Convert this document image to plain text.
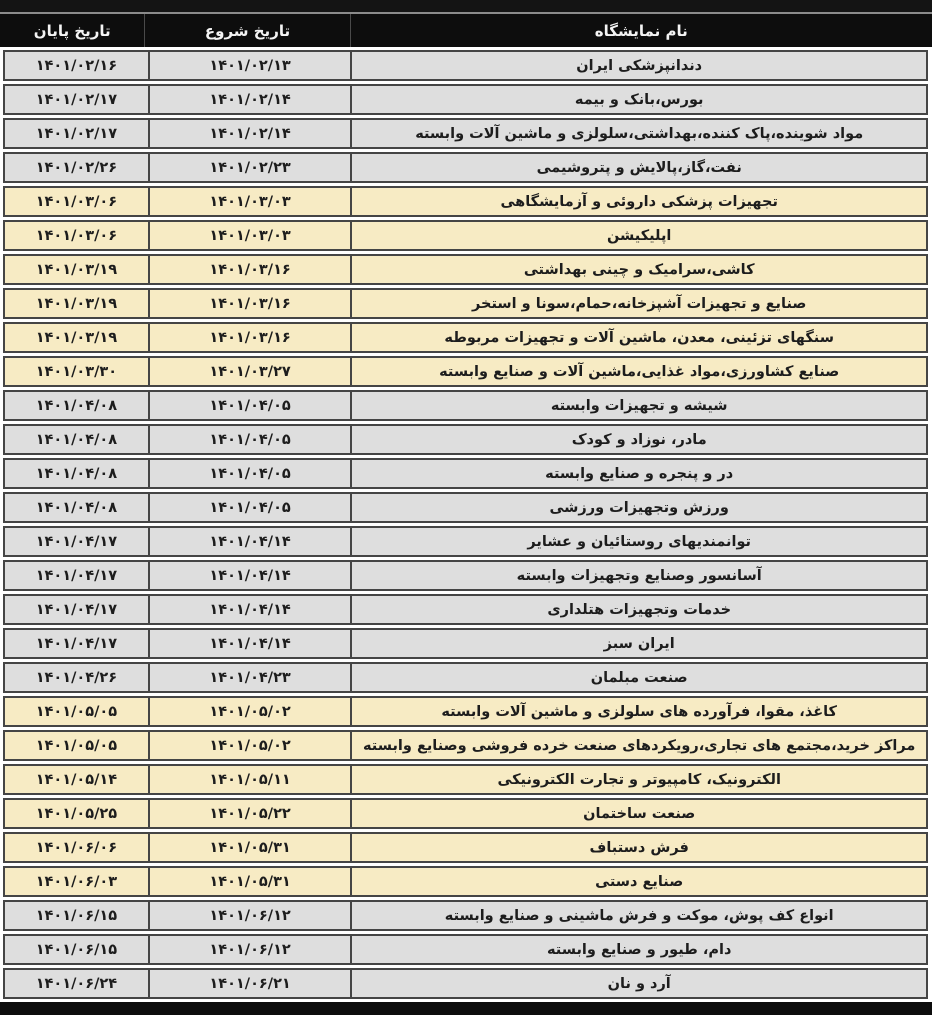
نام نمایشگاه
تاریخ شروع
تاریخ پایان
دندانپزشکی ایران
۱۴۰۱/۰۲/۱۳
۱۴۰۱/۰۲/۱۶
بورس،بانک و بیمه
۱۴۰۱/۰۲/۱۴
۱۴۰۱/۰۲/۱۷
مواد شوینده،پاک کننده،بهداشتی،سلولزی و ماشین آلات وابسته
۱۴۰۱/۰۲/۱۴
۱۴۰۱/۰۲/۱۷
نفت،گاز،پالایش و پتروشیمی
۱۴۰۱/۰۲/۲۳
۱۴۰۱/۰۲/۲۶
تجهیزات پزشکی داروئی و آزمایشگاهی
۱۴۰۱/۰۳/۰۳
۱۴۰۱/۰۳/۰۶
اپلیکیشن
۱۴۰۱/۰۳/۰۳
۱۴۰۱/۰۳/۰۶
کاشی،سرامیک و چینی بهداشتی
۱۴۰۱/۰۳/۱۶
۱۴۰۱/۰۳/۱۹
صنایع و تجهیزات آشپزخانه،حمام،سونا و استخر
۱۴۰۱/۰۳/۱۶
۱۴۰۱/۰۳/۱۹
سنگهای تزئینی، معدن، ماشین آلات و تجهیزات مربوطه
۱۴۰۱/۰۳/۱۶
۱۴۰۱/۰۳/۱۹
صنایع کشاورزی،مواد غذایی،ماشین آلات و صنایع وابسته
۱۴۰۱/۰۳/۲۷
۱۴۰۱/۰۳/۳۰
شیشه و تجهیزات وابسته
۱۴۰۱/۰۴/۰۵
۱۴۰۱/۰۴/۰۸
مادر، نوزاد و کودک
۱۴۰۱/۰۴/۰۵
۱۴۰۱/۰۴/۰۸
در و پنجره و صنایع وابسته
۱۴۰۱/۰۴/۰۵
۱۴۰۱/۰۴/۰۸
ورزش وتجهیزات ورزشی
۱۴۰۱/۰۴/۰۵
۱۴۰۱/۰۴/۰۸
توانمندیهای روستائیان و عشایر
۱۴۰۱/۰۴/۱۴
۱۴۰۱/۰۴/۱۷
آسانسور وصنایع وتجهیزات وابسته
۱۴۰۱/۰۴/۱۴
۱۴۰۱/۰۴/۱۷
خدمات وتجهیزات هتلداری
۱۴۰۱/۰۴/۱۴
۱۴۰۱/۰۴/۱۷
ایران سبز
۱۴۰۱/۰۴/۱۴
۱۴۰۱/۰۴/۱۷
صنعت مبلمان
۱۴۰۱/۰۴/۲۳
۱۴۰۱/۰۴/۲۶
کاغذ، مقوا، فرآورده های سلولزی و ماشین آلات وابسته
۱۴۰۱/۰۵/۰۲
۱۴۰۱/۰۵/۰۵
مراکز خرید،مجتمع های تجاری،رویکردهای صنعت خرده فروشی وصنایع وابسته
۱۴۰۱/۰۵/۰۲
۱۴۰۱/۰۵/۰۵
الکترونیک، کامپیوتر و تجارت الکترونیکی
۱۴۰۱/۰۵/۱۱
۱۴۰۱/۰۵/۱۴
صنعت ساختمان
۱۴۰۱/۰۵/۲۲
۱۴۰۱/۰۵/۲۵
فرش دستباف
۱۴۰۱/۰۵/۳۱
۱۴۰۱/۰۶/۰۶
صنایع دستی
۱۴۰۱/۰۵/۳۱
۱۴۰۱/۰۶/۰۳
انواع کف پوش، موکت و فرش ماشینی و صنایع وابسته
۱۴۰۱/۰۶/۱۲
۱۴۰۱/۰۶/۱۵
دام، طیور و صنایع وابسته
۱۴۰۱/۰۶/۱۲
۱۴۰۱/۰۶/۱۵
آرد و نان
۱۴۰۱/۰۶/۲۱
۱۴۰۱/۰۶/۲۴
